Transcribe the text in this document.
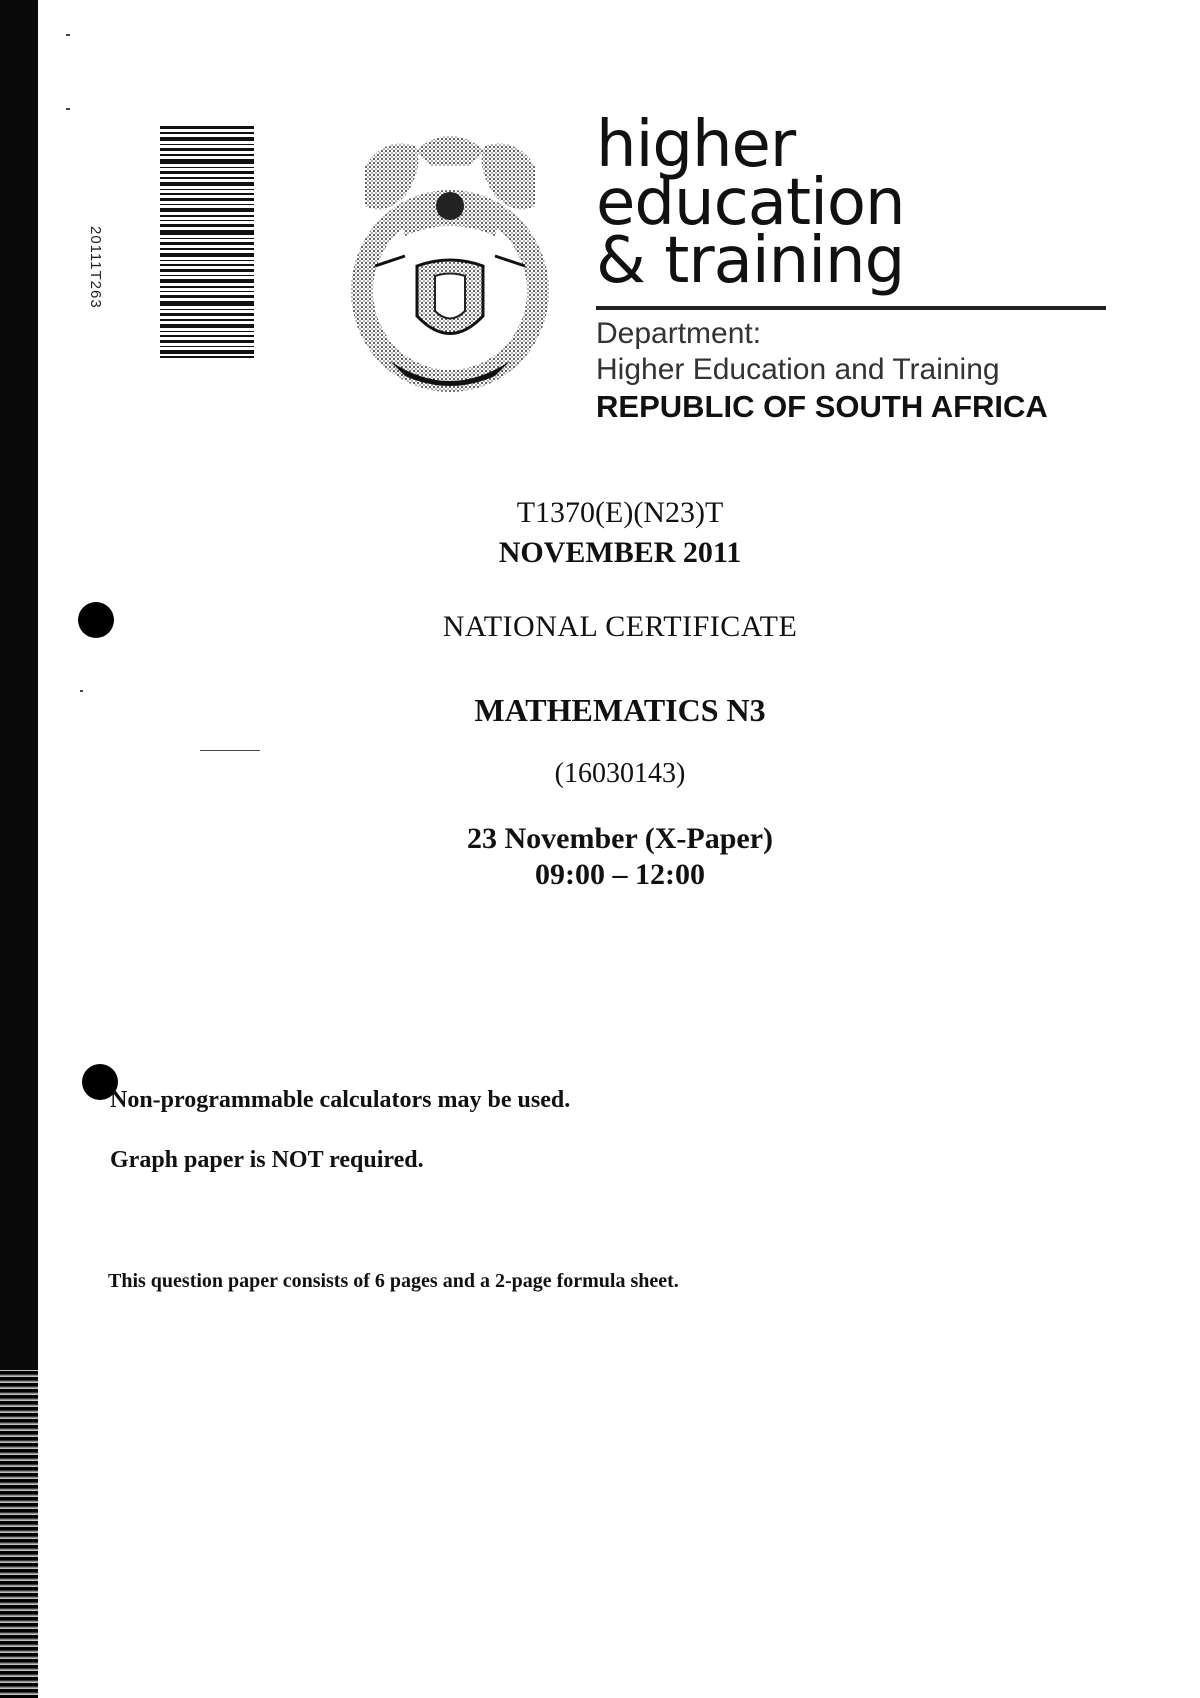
20111T263
higher education
& training
Department:
Higher Education and Training
REPUBLIC OF SOUTH AFRICA
T1370(E)(N23)T
NOVEMBER 2011
NATIONAL CERTIFICATE
MATHEMATICS N3
(16030143)
23 November (X-Paper)
09:00 – 12:00
Non-programmable calculators may be used.
Graph paper is NOT required.
This question paper consists of 6 pages and a 2-page formula sheet.
